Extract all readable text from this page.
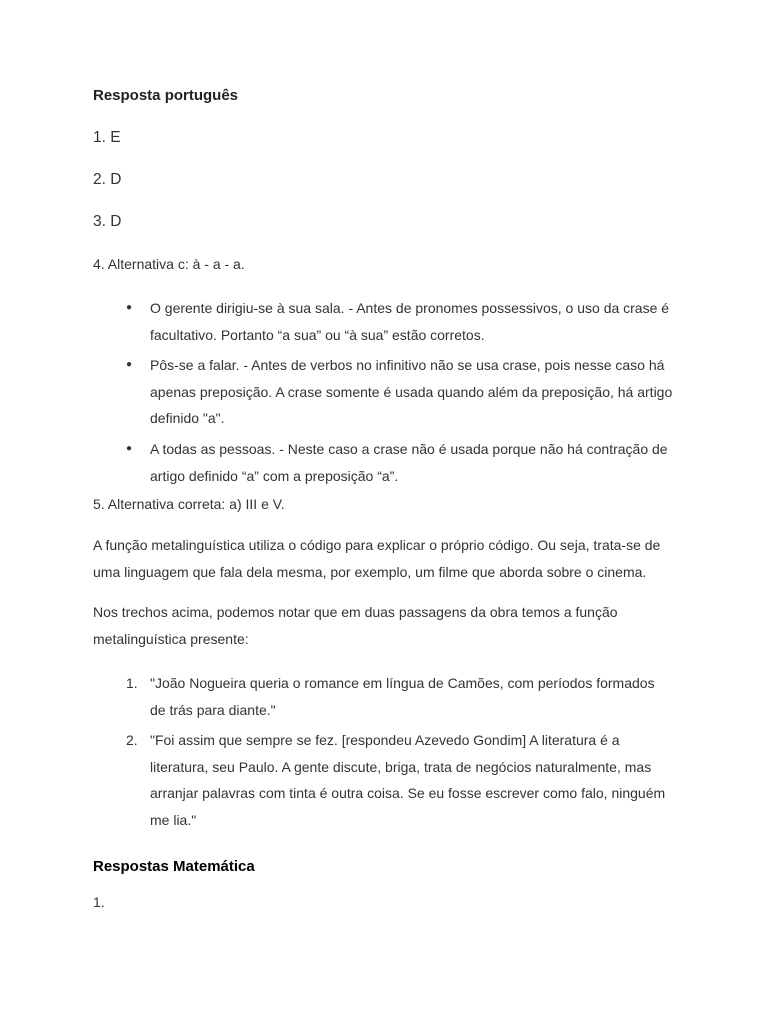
Resposta português

1. E

2. D

3. D

4. Alternativa c: à - a - a.

●	O gerente dirigiu-se à sua sala. - Antes de pronomes possessivos, o uso da crase é facultativo. Portanto “a sua” ou “à sua” estão corretos.
●	Pôs-se a falar. - Antes de verbos no infinitivo não se usa crase, pois nesse caso há apenas preposição. A crase somente é usada quando além da preposição, há artigo definido "a".
●	A todas as pessoas. - Neste caso a crase não é usada porque não há contração de artigo definido “a” com a preposição “a”.

5. Alternativa correta: a) III e V.

A função metalinguística utiliza o código para explicar o próprio código. Ou seja, trata-se de uma linguagem que fala dela mesma, por exemplo, um filme que aborda sobre o cinema.

Nos trechos acima, podemos notar que em duas passagens da obra temos a função metalinguística presente:

1. "João Nogueira queria o romance em língua de Camões, com períodos formados de trás para diante."
2. "Foi assim que sempre se fez. [respondeu Azevedo Gondim] A literatura é a literatura, seu Paulo. A gente discute, briga, trata de negócios naturalmente, mas arranjar palavras com tinta é outra coisa. Se eu fosse escrever como falo, ninguém me lia."

Respostas Matemática

1.
